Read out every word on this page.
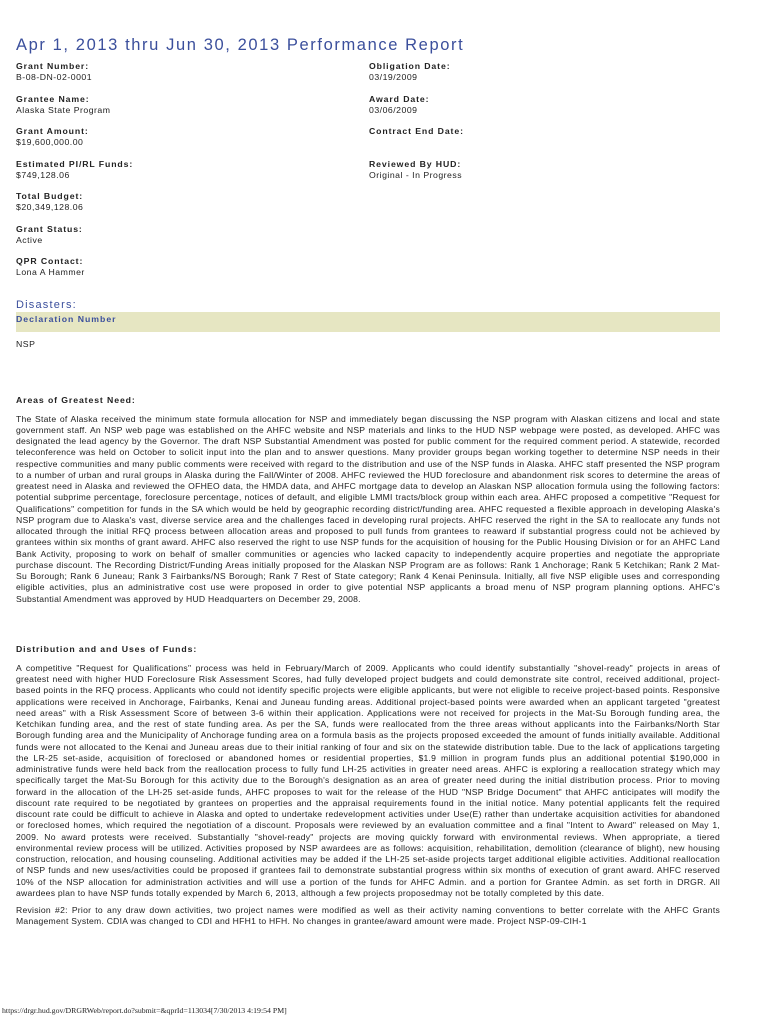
Apr 1, 2013 thru Jun 30, 2013 Performance Report
Grant Number:
B-08-DN-02-0001
Grantee Name:
Alaska State Program
Grant Amount:
$19,600,000.00
Estimated PI/RL Funds:
$749,128.06
Total Budget:
$20,349,128.06
Grant Status:
Active
QPR Contact:
Lona A Hammer
Obligation Date:
03/19/2009
Award Date:
03/06/2009
Contract End Date:
Reviewed By HUD:
Original - In Progress
Disasters:
Declaration Number
NSP
Areas of Greatest Need:

The State of Alaska received the minimum state formula allocation for NSP and immediately began discussing the NSP program with Alaskan citizens and local and state government staff. An NSP web page was established on the AHFC website and NSP materials and links to the HUD NSP webpage were posted, as developed. AHFC was designated the lead agency by the Governor. The draft NSP Substantial Amendment was posted for public comment for the required comment period. A statewide, recorded teleconference was held on October to solicit input into the plan and to answer questions. Many provider groups began working together to determine NSP needs in their respective communities and many public comments were received with regard to the distribution and use of the NSP funds in Alaska. AHFC staff presented the NSP program to a number of urban and rural groups in Alaska during the Fall/Winter of 2008. AHFC reviewed the HUD foreclosure and abandonment risk scores to determine the areas of greatest need in Alaska and reviewed the OFHEO data, the HMDA data, and AHFC mortgage data to develop an Alaskan NSP allocation formula using the following factors: potential subprime percentage, foreclosure percentage, notices of default, and eligible LMMI tracts/block group within each area. AHFC proposed a competitive "Request for Qualifications" competition for funds in the SA which would be held by geographic recording district/funding area. AHFC requested a flexible approach in developing Alaska's NSP program due to Alaska's vast, diverse service area and the challenges faced in developing rural projects. AHFC reserved the right in the SA to reallocate any funds not allocated through the initial RFQ process between allocation areas and proposed to pull funds from grantees to reaward if substantial progress could not be achieved by grantees within six months of grant award. AHFC also reserved the right to use NSP funds for the acquisition of housing for the Public Housing Division or for an AHFC Land Bank Activity, proposing to work on behalf of smaller communities or agencies who lacked capacity to independently acquire properties and negotiate the appropriate purchase discount. The Recording District/Funding Areas initially proposed for the Alaskan NSP Program are as follows: Rank 1 Anchorage; Rank 5 Ketchikan; Rank 2 Mat-Su Borough; Rank 6 Juneau; Rank 3 Fairbanks/NS Borough; Rank 7 Rest of State category; Rank 4 Kenai Peninsula. Initially, all five NSP eligible uses and corresponding eligible activities, plus an administrative cost use were proposed in order to give potential NSP applicants a broad menu of NSP program planning options. AHFC's Substantial Amendment was approved by HUD Headquarters on December 29, 2008.

Distribution and and Uses of Funds:

A competitive "Request for Qualifications" process was held in February/March of 2009. Applicants who could identify substantially "shovel-ready" projects in areas of greatest need with higher HUD Foreclosure Risk Assessment Scores, had fully developed project budgets and could demonstrate site control, received additional, project-based points in the RFQ process. Applicants who could not identify specific projects were eligible applicants, but were not eligible to receive project-based points. Responsive applications were received in Anchorage, Fairbanks, Kenai and Juneau funding areas. Additional project-based points were awarded when an applicant targeted "greatest need areas" with a Risk Assessment Score of between 3-6 within their application. Applications were not received for projects in the Mat-Su Borough funding area, the Ketchikan funding area, and the rest of state funding area. As per the SA, funds were reallocated from the three areas without applicants into the Fairbanks/North Star Borough funding area and the Municipality of Anchorage funding area on a formula basis as the projects proposed exceeded the amount of funds initially available. Additional funds were not allocated to the Kenai and Juneau areas due to their initial ranking of four and six on the statewide distribution table. Due to the lack of applications targeting the LR-25 set-aside, acquisition of foreclosed or abandoned homes or residential properties, $1.9 million in program funds plus an additional potential $190,000 in administrative funds were held back from the reallocation process to fully fund LH-25 activities in greater need areas. AHFC is exploring a reallocation strategy which may specifically target the Mat-Su Borough for this activity due to the Borough's designation as an area of greater need during the initial distribution process. Prior to moving forward in the allocation of the LH-25 set-aside funds, AHFC proposes to wait for the release of the HUD "NSP Bridge Document" that AHFC anticipates will modify the discount rate required to be negotiated by grantees on properties and the appraisal requirements found in the initial notice. Many potential applicants felt the required discount rate could be difficult to achieve in Alaska and opted to undertake redevelopment activities under Use(E) rather than undertake acquisition activities for abandoned or foreclosed homes, which required the negotiation of a discount. Proposals were reviewed by an evaluation committee and a final "Intent to Award" released on May 1, 2009. No award protests were received. Substantially "shovel-ready" projects are moving quickly forward with environmental reviews. When appropriate, a tiered environmental review process will be utilized. Activities proposed by NSP awardees are as follows: acquisition, rehabilitation, demolition (clearance of blight), new housing construction, relocation, and housing counseling. Additional activities may be added if the LH-25 set-aside projects target additional eligible activities. Additional reallocation of NSP funds and new uses/activities could be proposed if grantees fail to demonstrate substantial progress within six months of execution of grant award. AHFC reserved 10% of the NSP allocation for administration activities and will use a portion of the funds for AHFC Admin. and a portion for Grantee Admin. as set forth in DRGR. All awardees plan to have NSP funds totally expended by March 6, 2013, although a few projects proposedmay not be totally completed by this date.

Revision #2: Prior to any draw down activities, two project names were modified as well as their activity naming conventions to better correlate with the AHFC Grants Management System. CDIA was changed to CDI and HFH1 to HFH. No changes in grantee/award amount were made. Project NSP-09-CIH-1

https://drgr.hud.gov/DRGRWeb/report.do?submit=&qprId=113034[7/30/2013 4:19:54 PM]
